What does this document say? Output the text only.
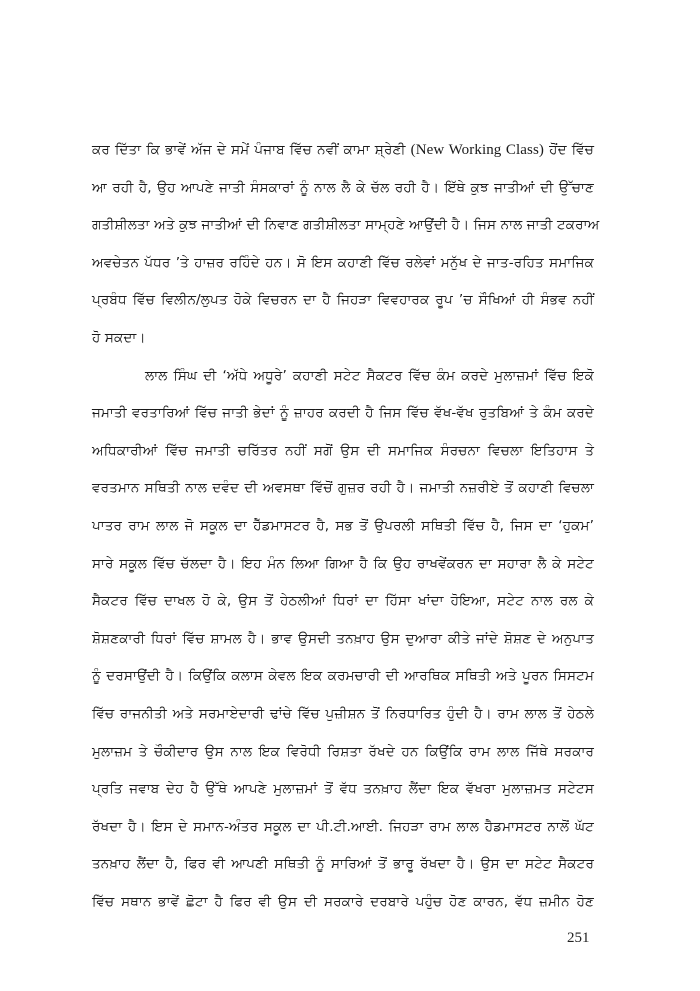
ਕਰ ਦਿੱਤਾ ਕਿ ਭਾਵੇਂ ਅੱਜ ਦੇ ਸਮੇਂ ਪੰਜਾਬ ਵਿੱਚ ਨਵੀਂ ਕਾਮਾ ਸ਼੍ਰੇਣੀ (New Working Class) ਹੋਂਦ ਵਿੱਚ
ਆ ਰਹੀ ਹੈ, ਉਹ ਆਪਣੇ ਜਾਤੀ ਸੰਸਕਾਰਾਂ ਨੂੰ ਨਾਲ ਲੈ ਕੇ ਚੱਲ ਰਹੀ ਹੈ। ਇੱਥੇ ਕੁਝ ਜਾਤੀਆਂ ਦੀ ਉੱਚਾਣ
ਗਤੀਸ਼ੀਲਤਾ ਅਤੇ ਕੁਝ ਜਾਤੀਆਂ ਦੀ ਨਿਵਾਣ ਗਤੀਸ਼ੀਲਤਾ ਸਾਮ੍ਹਣੇ ਆਉਂਦੀ ਹੈ। ਜਿਸ ਨਾਲ ਜਾਤੀ ਟਕਰਾਅ
ਅਵਚੇਤਨ ਪੱਧਰ ’ਤੇ ਹਾਜ਼ਰ ਰਹਿੰਦੇ ਹਨ। ਸੋ ਇਸ ਕਹਾਣੀ ਵਿੱਚ ਰਲੇਵਾਂ ਮਨੁੱਖ ਦੇ ਜਾਤ-ਰਹਿਤ ਸਮਾਜਿਕ
ਪ੍ਰਬੰਧ ਵਿੱਚ ਵਿਲੀਨ/ਲੁਪਤ ਹੋਕੇ ਵਿਚਰਨ ਦਾ ਹੈ ਜਿਹੜਾ ਵਿਵਹਾਰਕ ਰੂਪ ’ਚ ਸੌਖਿਆਂ ਹੀ ਸੰਭਵ ਨਹੀਂ
ਹੋ ਸਕਦਾ।
ਲਾਲ ਸਿੰਘ ਦੀ ‘ਅੱਧੇ ਅਧੂਰੇ’ ਕਹਾਣੀ ਸਟੇਟ ਸੈਕਟਰ ਵਿੱਚ ਕੰਮ ਕਰਦੇ ਮੁਲਾਜ਼ਮਾਂ ਵਿੱਚ ਇਕੋ
ਜਮਾਤੀ ਵਰਤਾਰਿਆਂ ਵਿੱਚ ਜਾਤੀ ਭੇਦਾਂ ਨੂੰ ਜ਼ਾਹਰ ਕਰਦੀ ਹੈ ਜਿਸ ਵਿੱਚ ਵੱਖ-ਵੱਖ ਰੁਤਬਿਆਂ ਤੇ ਕੰਮ ਕਰਦੇ
ਅਧਿਕਾਰੀਆਂ ਵਿੱਚ ਜਮਾਤੀ ਚਰਿੱਤਰ ਨਹੀਂ ਸਗੋਂ ਉਸ ਦੀ ਸਮਾਜਿਕ ਸੰਰਚਨਾ ਵਿਚਲਾ ਇਤਿਹਾਸ ਤੇ
ਵਰਤਮਾਨ ਸਥਿਤੀ ਨਾਲ ਦਵੰਦ ਦੀ ਅਵਸਥਾ ਵਿੱਚੋਂ ਗੁਜ਼ਰ ਰਹੀ ਹੈ। ਜਮਾਤੀ ਨਜ਼ਰੀਏ ਤੋਂ ਕਹਾਣੀ ਵਿਚਲਾ
ਪਾਤਰ ਰਾਮ ਲਾਲ ਜੋ ਸਕੂਲ ਦਾ ਹੈੱਡਮਾਸਟਰ ਹੈ, ਸਭ ਤੋਂ ਉਪਰਲੀ ਸਥਿਤੀ ਵਿੱਚ ਹੈ, ਜਿਸ ਦਾ ‘ਹੁਕਮ’
ਸਾਰੇ ਸਕੂਲ ਵਿੱਚ ਚੱਲਦਾ ਹੈ। ਇਹ ਮੰਨ ਲਿਆ ਗਿਆ ਹੈ ਕਿ ਉਹ ਰਾਖਵੇਂਕਰਨ ਦਾ ਸਹਾਰਾ ਲੈ ਕੇ ਸਟੇਟ
ਸੈਕਟਰ ਵਿੱਚ ਦਾਖਲ ਹੋ ਕੇ, ਉਸ ਤੋਂ ਹੇਠਲੀਆਂ ਧਿਰਾਂ ਦਾ ਹਿੱਸਾ ਖਾਂਦਾ ਹੋਇਆ, ਸਟੇਟ ਨਾਲ ਰਲ ਕੇ
ਸ਼ੋਸ਼ਣਕਾਰੀ ਧਿਰਾਂ ਵਿੱਚ ਸ਼ਾਮਲ ਹੈ। ਭਾਵ ਉਸਦੀ ਤਨਖ਼ਾਹ ਉਸ ਦੁਆਰਾ ਕੀਤੇ ਜਾਂਦੇ ਸ਼ੋਸ਼ਣ ਦੇ ਅਨੁਪਾਤ
ਨੂੰ ਦਰਸਾਉਂਦੀ ਹੈ। ਕਿਉਂਕਿ ਕਲਾਸ ਕੇਵਲ ਇਕ ਕਰਮਚਾਰੀ ਦੀ ਆਰਥਿਕ ਸਥਿਤੀ ਅਤੇ ਪੂਰਨ ਸਿਸਟਮ
ਵਿੱਚ ਰਾਜਨੀਤੀ ਅਤੇ ਸਰਮਾਏਦਾਰੀ ਢਾਂਚੇ ਵਿੱਚ ਪੁਜ਼ੀਸ਼ਨ ਤੋਂ ਨਿਰਧਾਰਿਤ ਹੁੰਦੀ ਹੈ। ਰਾਮ ਲਾਲ ਤੋਂ ਹੇਠਲੇ
ਮੁਲਾਜ਼ਮ ਤੇ ਚੌਕੀਦਾਰ ਉਸ ਨਾਲ ਇਕ ਵਿਰੋਧੀ ਰਿਸ਼ਤਾ ਰੱਖਦੇ ਹਨ ਕਿਉਂਕਿ ਰਾਮ ਲਾਲ ਜਿੱਥੇ ਸਰਕਾਰ
ਪ੍ਰਤਿ ਜਵਾਬ ਦੇਹ ਹੈ ਉੱਥੇ ਆਪਣੇ ਮੁਲਾਜ਼ਮਾਂ ਤੋਂ ਵੱਧ ਤਨਖ਼ਾਹ ਲੈਂਦਾ ਇਕ ਵੱਖਰਾ ਮੁਲਾਜ਼ਮਤ ਸਟੇਟਸ
ਰੱਖਦਾ ਹੈ। ਇਸ ਦੇ ਸਮਾਨ-ਅੰਤਰ ਸਕੂਲ ਦਾ ਪੀ.ਟੀ.ਆਈ. ਜਿਹੜਾ ਰਾਮ ਲਾਲ ਹੈਡਮਾਸਟਰ ਨਾਲੋਂ ਘੱਟ
ਤਨਖ਼ਾਹ ਲੈਂਦਾ ਹੈ, ਫਿਰ ਵੀ ਆਪਣੀ ਸਥਿਤੀ ਨੂੰ ਸਾਰਿਆਂ ਤੋਂ ਭਾਰੂ ਰੱਖਦਾ ਹੈ। ਉਸ ਦਾ ਸਟੇਟ ਸੈਕਟਰ
ਵਿੱਚ ਸਥਾਨ ਭਾਵੇਂ ਛੋਟਾ ਹੈ ਫਿਰ ਵੀ ਉਸ ਦੀ ਸਰਕਾਰੇ ਦਰਬਾਰੇ ਪਹੁੰਚ ਹੋਣ ਕਾਰਨ, ਵੱਧ ਜ਼ਮੀਨ ਹੋਣ
251
